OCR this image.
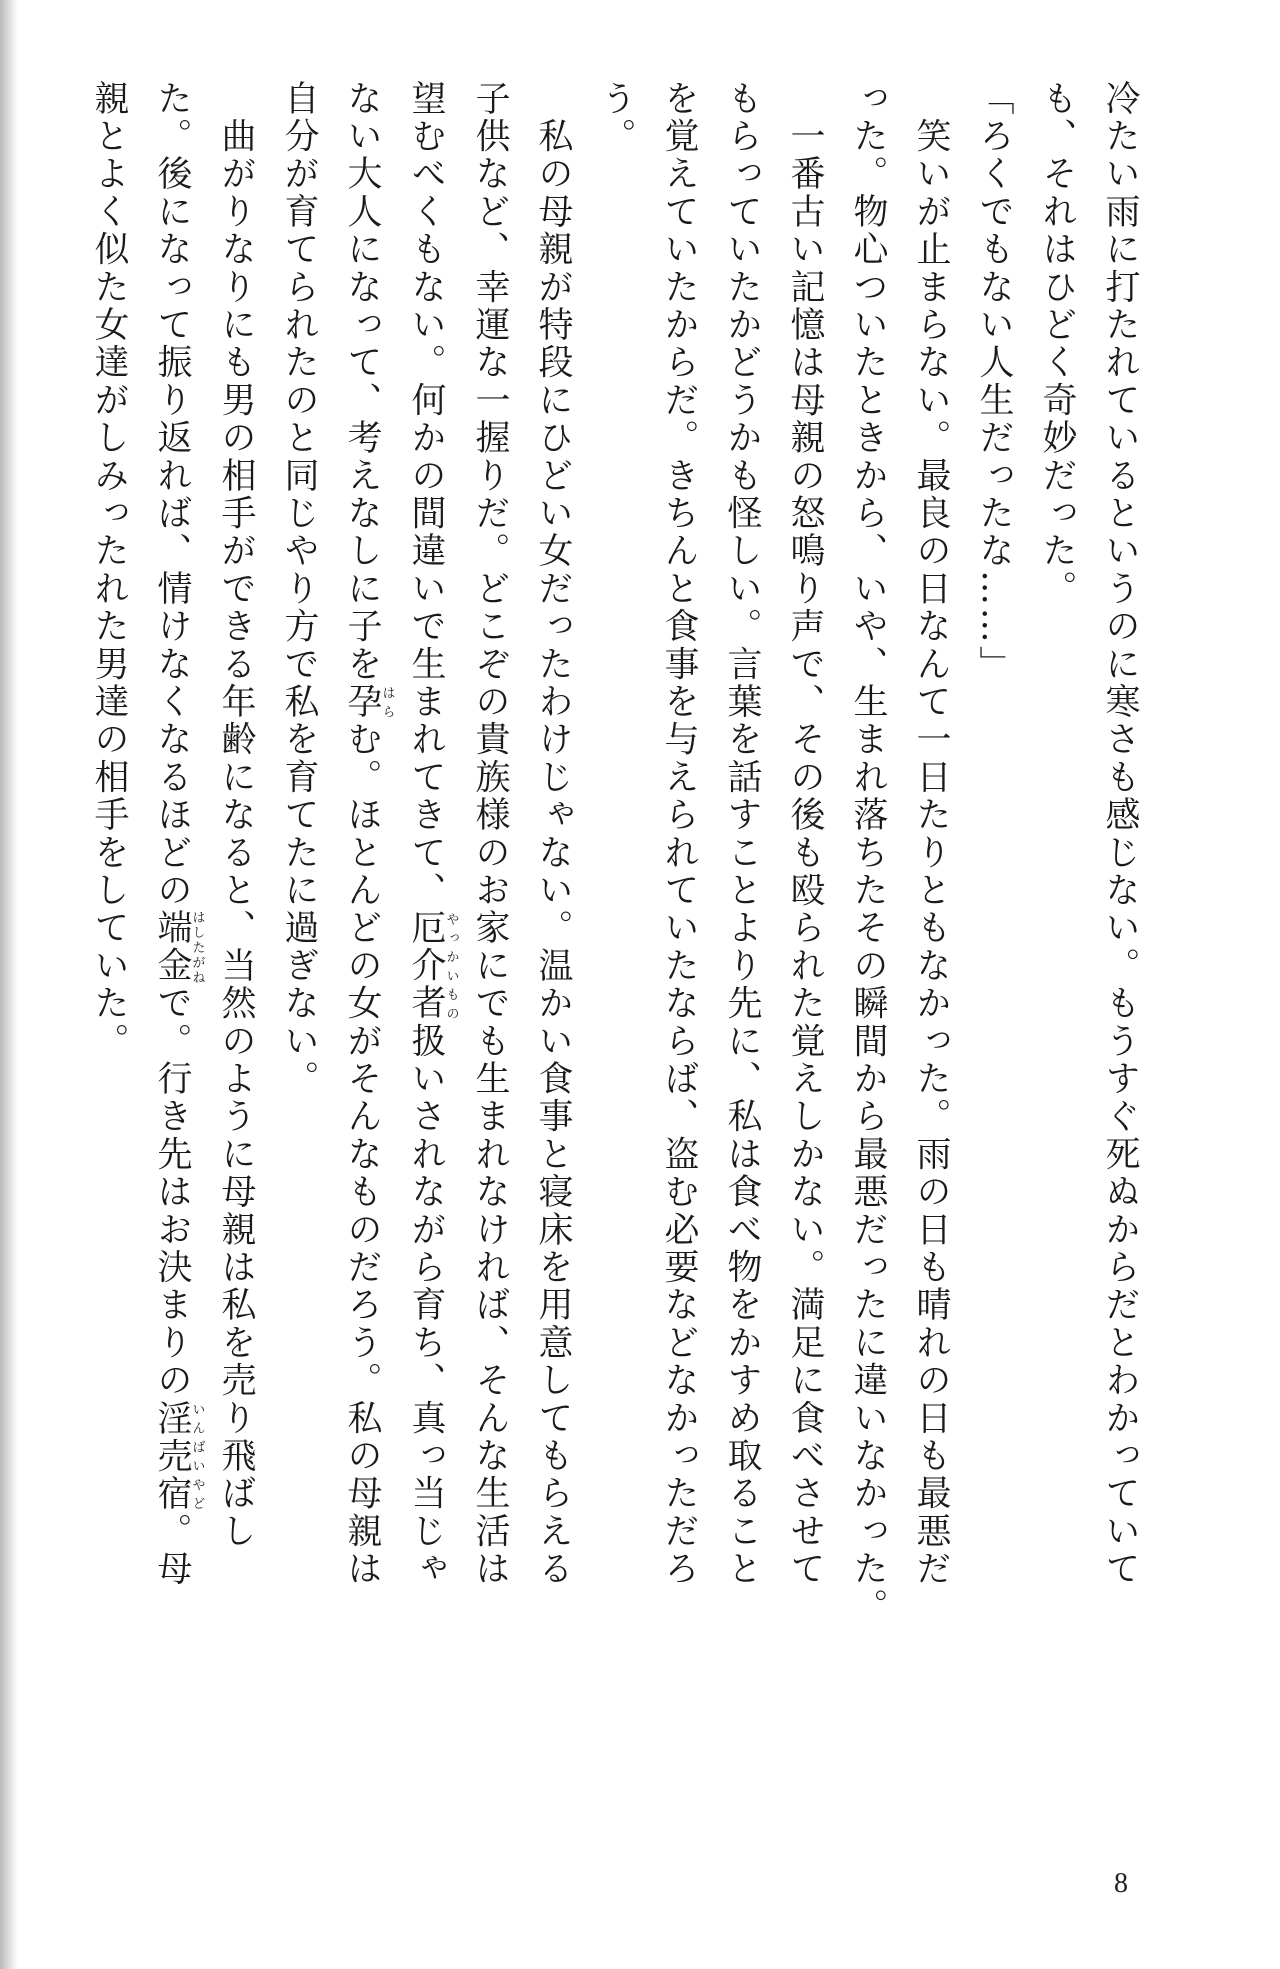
冷たい雨に打たれているというのに寒さも感じない。もうすぐ死ぬからだとわかっていて
も、それはひどく奇妙だった。
「ろくでもない人生だったな……」
　笑いが止まらない。最良の日なんて一日たりともなかった。雨の日も晴れの日も最悪だ
った。物心ついたときから、いや、生まれ落ちたその瞬間から最悪だったに違いなかった。
　一番古い記憶は母親の怒鳴り声で、その後も殴られた覚えしかない。満足に食べさせて
もらっていたかどうかも怪しい。言葉を話すことより先に、私は食べ物をかすめ取ること
を覚えていたからだ。きちんと食事を与えられていたならば、盗む必要などなかっただろ
う。
　私の母親が特段にひどい女だったわけじゃない。温かい食事と寝床を用意してもらえる
子供など、幸運な一握りだ。どこぞの貴族様のお家にでも生まれなければ、そんな生活は
望むべくもない。何かの間違いで生まれてきて、厄介者やっかいもの扱いされながら育ち、真っ当じゃ
ない大人になって、考えなしに子を孕はらむ。ほとんどの女がそんなものだろう。私の母親は
自分が育てられたのと同じやり方で私を育てたに過ぎない。
　曲がりなりにも男の相手ができる年齢になると、当然のように母親は私を売り飛ばし
た。後になって振り返れば、情けなくなるほどの端金はしたがねで。行き先はお決まりの淫売宿いんばいやど。母
親とよく似た女達がしみったれた男達の相手をしていた。
8
